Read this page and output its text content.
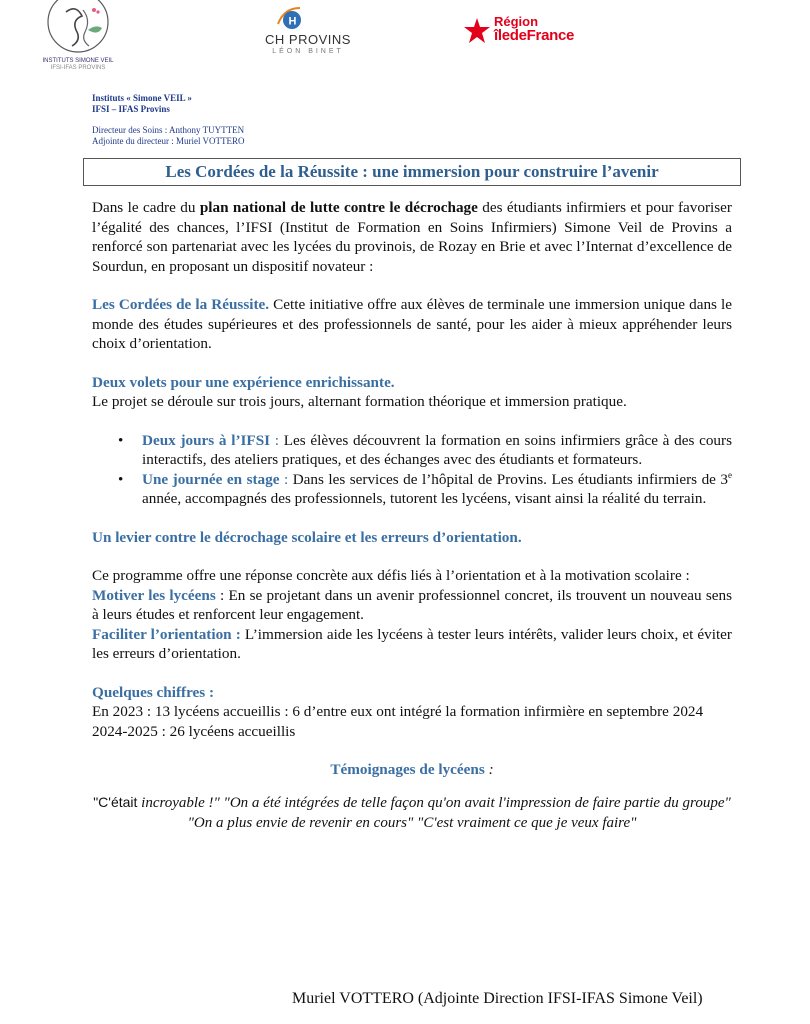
INSTITUTS SIMONE VEIL
IFSI-IFAS PROVINS
H
CH PROVINS
LÉON BINET
Région
îledeFrance
Instituts « Simone VEIL »
IFSI – IFAS Provins
Directeur des Soins : Anthony TUYTTEN
Adjointe du directeur : Muriel VOTTERO
Les Cordées de la Réussite : une immersion pour construire l’avenir

Dans le cadre du plan national de lutte contre le décrochage des étudiants infirmiers et pour favoriser l’égalité des chances, l’IFSI (Institut de Formation en Soins Infirmiers) Simone Veil de Provins a renforcé son partenariat avec les lycées du provinois, de Rozay en Brie et avec l’Internat d’excellence de Sourdun, en proposant un dispositif novateur :

Les Cordées de la Réussite. Cette initiative offre aux élèves de terminale une immersion unique dans le monde des études supérieures et des professionnels de santé, pour les aider à mieux appréhender leurs choix d’orientation.

Deux volets pour une expérience enrichissante.

Le projet se déroule sur trois jours, alternant formation théorique et immersion pratique.

• Deux jours à l’IFSI : Les élèves découvrent la formation en soins infirmiers grâce à des cours interactifs, des ateliers pratiques, et des échanges avec des étudiants et formateurs.
• Une journée en stage : Dans les services de l’hôpital de Provins. Les étudiants infirmiers de 3e année, accompagnés des professionnels, tutorent les lycéens, visant ainsi la réalité du terrain.

Un levier contre le décrochage scolaire et les erreurs d’orientation.

Ce programme offre une réponse concrète aux défis liés à l’orientation et à la motivation scolaire :

Motiver les lycéens : En se projetant dans un avenir professionnel concret, ils trouvent un nouveau sens à leurs études et renforcent leur engagement.

Faciliter l’orientation : L’immersion aide les lycéens à tester leurs intérêts, valider leurs choix, et éviter les erreurs d’orientation.

Quelques chiffres :

En 2023 : 13 lycéens accueillis : 6 d’entre eux ont intégré la formation infirmière en septembre 2024

2024-2025 : 26 lycéens accueillis

Témoignages de lycéens :

"C'était incroyable !" "On a été intégrées de telle façon qu'on avait l'impression de faire partie du groupe" "On a plus envie de revenir en cours" "C'est vraiment ce que je veux faire"

Muriel VOTTERO (Adjointe Direction IFSI-IFAS Simone Veil)
